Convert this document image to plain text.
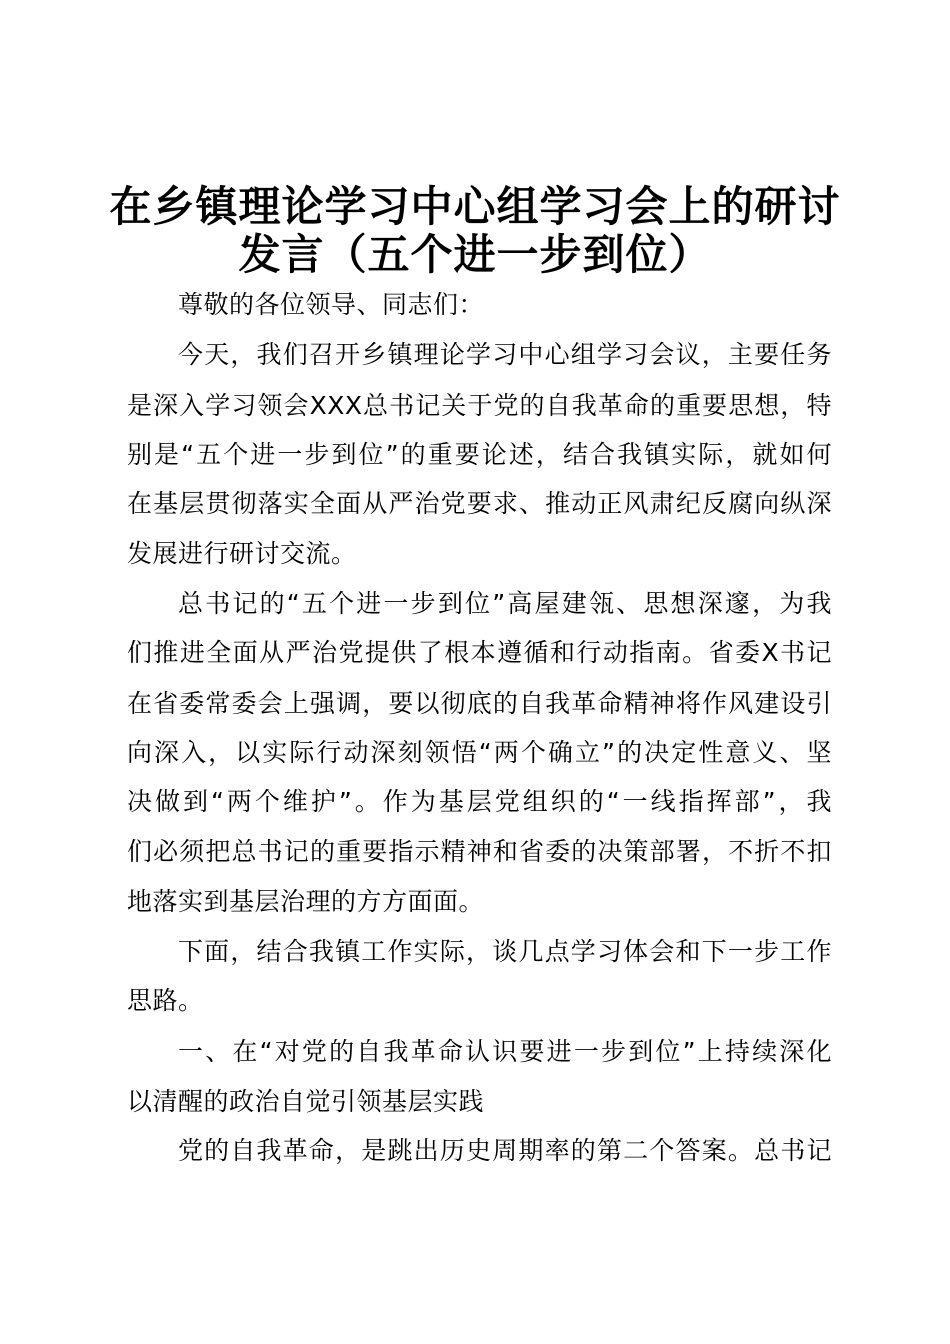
在乡镇理论学习中心组学习会上的研讨
发言（五个进一步到位）
尊敬的各位领导、同志们：
今天，我们召开乡镇理论学习中心组学习会议，主要任务
是深入学习领会XXX总书记关于党的自我革命的重要思想，特
别是“五个进一步到位”的重要论述，结合我镇实际，就如何
在基层贯彻落实全面从严治党要求、推动正风肃纪反腐向纵深
发展进行研讨交流。
总书记的“五个进一步到位”高屋建瓴、思想深邃，为我
们推进全面从严治党提供了根本遵循和行动指南。省委X书记
在省委常委会上强调，要以彻底的自我革命精神将作风建设引
向深入，以实际行动深刻领悟“两个确立”的决定性意义、坚
决做到“两个维护”。作为基层党组织的“一线指挥部”，我
们必须把总书记的重要指示精神和省委的决策部署，不折不扣
地落实到基层治理的方方面面。
下面，结合我镇工作实际，谈几点学习体会和下一步工作
思路。
一、在“对党的自我革命认识要进一步到位”上持续深化
以清醒的政治自觉引领基层实践
党的自我革命，是跳出历史周期率的第二个答案。总书记
